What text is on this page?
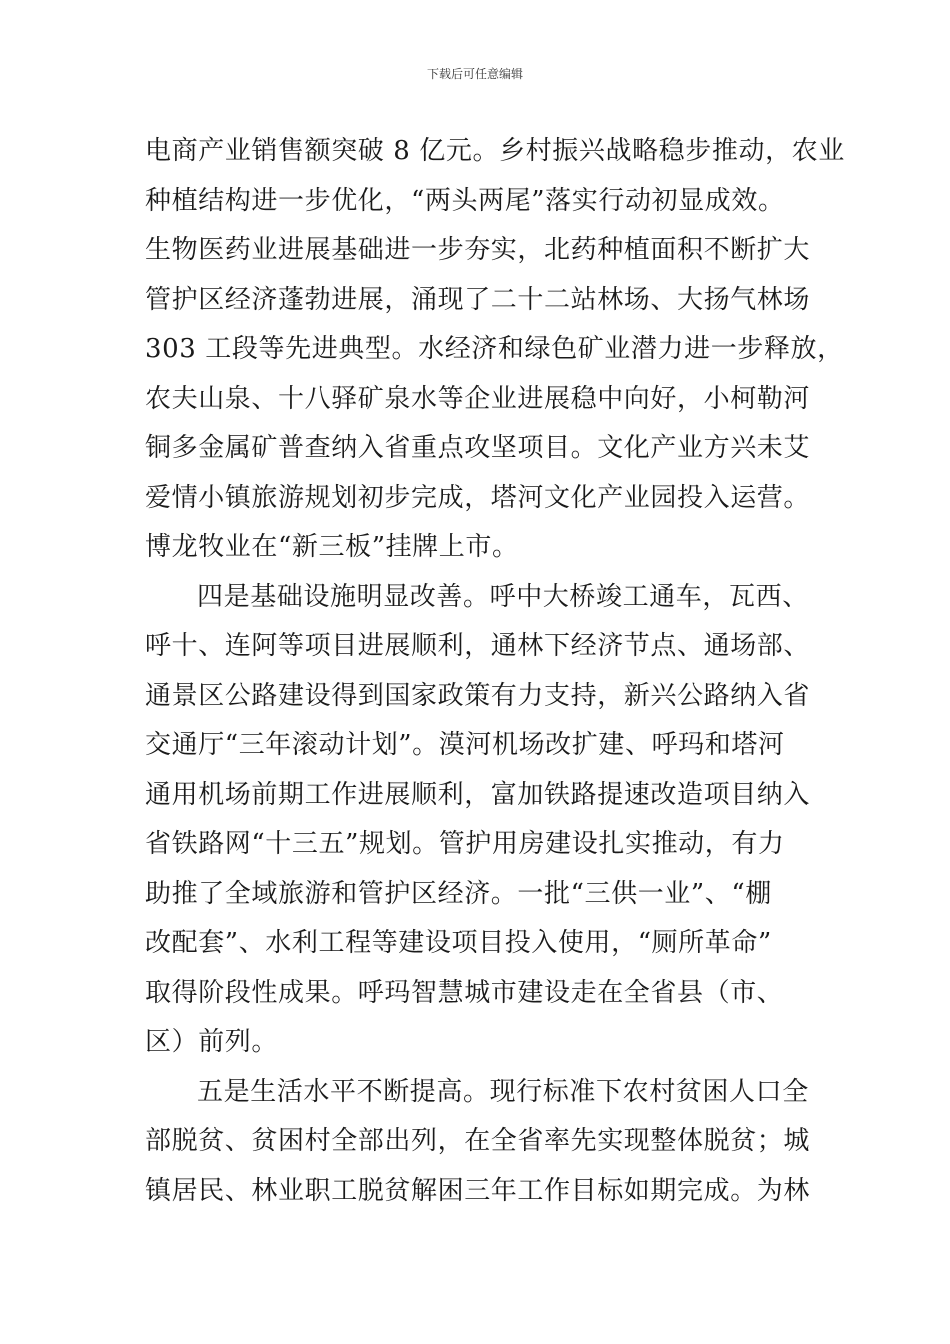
下载后可任意编辑
电商产业销售额突破 8 亿元。乡村振兴战略稳步推动，农业
种植结构进一步优化，“两头两尾”落实行动初显成效。
生物医药业进展基础进一步夯实，北药种植面积不断扩大
管护区经济蓬勃进展，涌现了二十二站林场、大扬气林场
303 工段等先进典型。水经济和绿色矿业潜力进一步释放，
农夫山泉、十八驿矿泉水等企业进展稳中向好，小柯勒河
铜多金属矿普查纳入省重点攻坚项目。文化产业方兴未艾
爱情小镇旅游规划初步完成，塔河文化产业园投入运营。
博龙牧业在“新三板”挂牌上市。
四是基础设施明显改善。呼中大桥竣工通车，瓦西、
呼十、连阿等项目进展顺利，通林下经济节点、通场部、
通景区公路建设得到国家政策有力支持，新兴公路纳入省
交通厅“三年滚动计划”。漠河机场改扩建、呼玛和塔河
通用机场前期工作进展顺利，富加铁路提速改造项目纳入
省铁路网“十三五”规划。管护用房建设扎实推动，有力
助推了全域旅游和管护区经济。一批“三供一业”、“棚
改配套”、水利工程等建设项目投入使用，“厕所革命”
取得阶段性成果。呼玛智慧城市建设走在全省县（市、
区）前列。
五是生活水平不断提高。现行标准下农村贫困人口全
部脱贫、贫困村全部出列，在全省率先实现整体脱贫；城
镇居民、林业职工脱贫解困三年工作目标如期完成。为林
